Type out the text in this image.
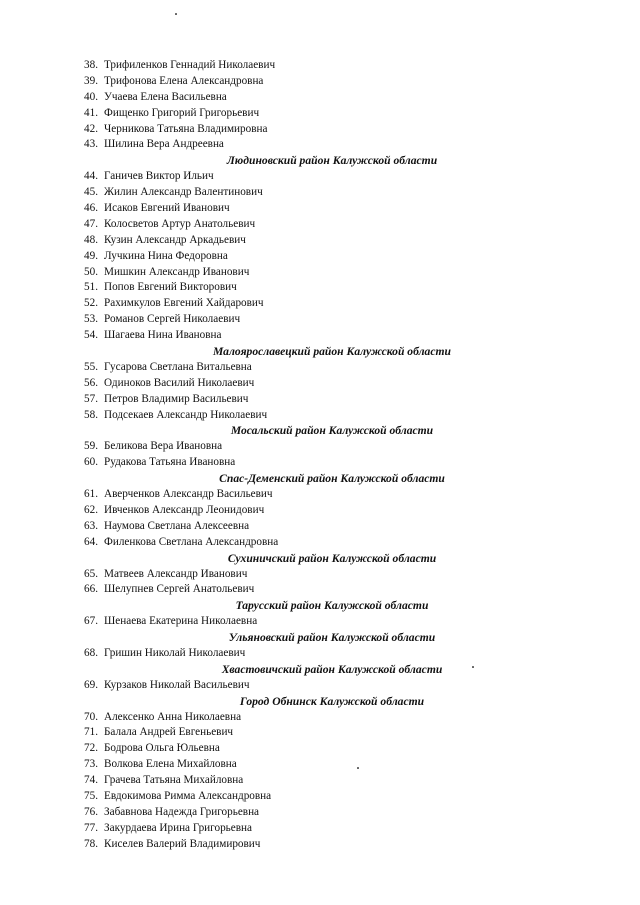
38. Трифиленков Геннадий Николаевич
39. Трифонова Елена Александровна
40. Учаева Елена Васильевна
41. Фищенко Григорий Григорьевич
42. Черникова Татьяна Владимировна
43. Шилина Вера Андреевна
Людиновский район Калужской области
44. Ганичев Виктор Ильич
45. Жилин Александр Валентинович
46. Исаков Евгений Иванович
47. Колосветов Артур Анатольевич
48. Кузин Александр Аркадьевич
49. Лучкина Нина Федоровна
50. Мишкин Александр Иванович
51. Попов Евгений Викторович
52. Рахимкулов Евгений Хайдарович
53. Романов Сергей Николаевич
54. Шагаева Нина Ивановна
Малоярославецкий район Калужской области
55. Гусарова Светлана Витальевна
56. Одиноков Василий Николаевич
57. Петров Владимир Васильевич
58. Подсекаев Александр Николаевич
Мосальский район Калужской области
59. Беликова Вера Ивановна
60. Рудакова Татьяна Ивановна
Спас-Деменский район Калужской области
61. Аверченков Александр Васильевич
62. Ивченков Александр Леонидович
63. Наумова Светлана Алексеевна
64. Филенкова Светлана Александровна
Сухиничский район Калужской области
65. Матвеев Александр Иванович
66. Шелупнев Сергей Анатольевич
Тарусский район Калужской области
67. Шенаева Екатерина Николаевна
Ульяновский район Калужской области
68. Гришин Николай Николаевич
Хвастовичский район Калужской области
69. Курзаков Николай Васильевич
Город Обнинск Калужской области
70. Алексенко Анна Николаевна
71. Балала Андрей Евгеньевич
72. Бодрова Ольга Юльевна
73. Волкова Елена Михайловна
74. Грачева Татьяна Михайловна
75. Евдокимова Римма Александровна
76. Забавнова Надежда Григорьевна
77. Закурдаева Ирина Григорьевна
78. Киселев Валерий Владимирович
